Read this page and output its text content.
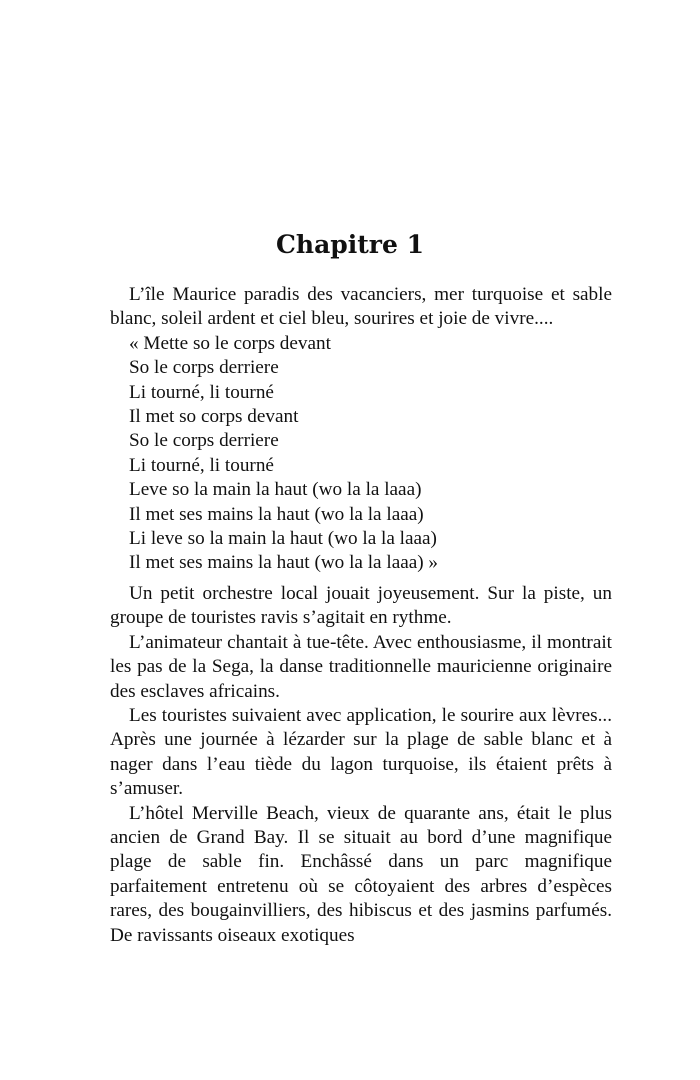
Chapitre 1

L’île Maurice paradis des vacanciers, mer turquoise et sable blanc, soleil ardent et ciel bleu, sourires et joie de vivre....

« Mette so le corps devant
So le corps derriere
Li tourné, li tourné
Il met so corps devant
So le corps derriere
Li tourné, li tourné
Leve so la main la haut (wo la la laaa)
Il met ses mains la haut (wo la la laaa)
Li leve so la main la haut (wo la la laaa)
Il met ses mains la haut (wo la la laaa) »

Un petit orchestre local jouait joyeusement. Sur la piste, un groupe de touristes ravis s’agitait en rythme.

L’animateur chantait à tue-tête. Avec enthousiasme, il montrait les pas de la Sega, la danse traditionnelle mauricienne originaire des esclaves africains.

Les touristes suivaient avec application, le sourire aux lèvres... Après une journée à lézarder sur la plage de sable blanc et à nager dans l’eau tiède du lagon turquoise, ils étaient prêts à s’amuser.

L’hôtel Merville Beach, vieux de quarante ans, était le plus ancien de Grand Bay. Il se situait au bord d’une magnifique plage de sable fin. Enchâssé dans un parc magnifique parfaitement entretenu où se côtoyaient des arbres d’espèces rares, des bougainvilliers, des hibiscus et des jasmins parfumés. De ravissants oiseaux exotiques
